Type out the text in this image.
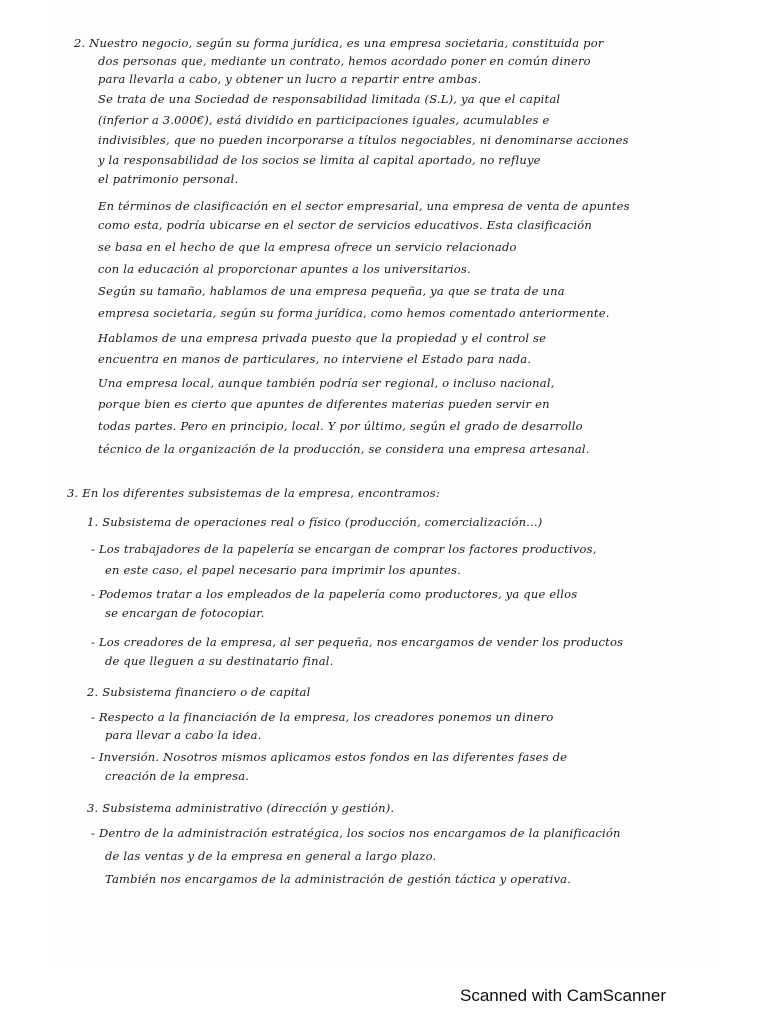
2. Nuestro negocio, según su forma jurídica, es una empresa societaria, constituida por

dos personas que, mediante un contrato, hemos acordado poner en común dinero

para llevarla a cabo, y obtener un lucro a repartir entre ambas.

Se trata de una Sociedad de responsabilidad limitada (S.L), ya que el capital

(inferior a 3.000€), está dividido en participaciones iguales, acumulables e

indivisibles, que no pueden incorporarse a títulos negociables, ni denominarse acciones

y la responsabilidad de los socios se limita al capital aportado, no refluye

el patrimonio personal.

En términos de clasificación en el sector empresarial, una empresa de venta de apuntes

como esta, podría ubicarse en el sector de servicios educativos. Esta clasificación

se basa en el hecho de que la empresa ofrece un servicio relacionado

con la educación al proporcionar apuntes a los universitarios.

Según su tamaño, hablamos de una empresa pequeña, ya que se trata de una

empresa societaria, según su forma jurídica, como hemos comentado anteriormente.

Hablamos de una empresa privada puesto que la propiedad y el control se

encuentra en manos de particulares, no interviene el Estado para nada.

Una empresa local, aunque también podría ser regional, o incluso nacional,

porque bien es cierto que apuntes de diferentes materias pueden servir en

todas partes. Pero en principio, local. Y por último, según el grado de desarrollo

técnico de la organización de la producción, se considera una empresa artesanal.

3. En los diferentes subsistemas de la empresa, encontramos:

1. Subsistema de operaciones real o físico (producción, comercialización...)

- Los trabajadores de la papelería se encargan de comprar los factores productivos,

en este caso, el papel necesario para imprimir los apuntes.

- Podemos tratar a los empleados de la papelería como productores, ya que ellos

se encargan de fotocopiar.

- Los creadores de la empresa, al ser pequeña, nos encargamos de vender los productos

de que lleguen a su destinatario final.

2. Subsistema financiero o de capital

- Respecto a la financiación de la empresa, los creadores ponemos un dinero

para llevar a cabo la idea.

- Inversión. Nosotros mismos aplicamos estos fondos en las diferentes fases de

creación de la empresa.

3. Subsistema administrativo (dirección y gestión).

- Dentro de la administración estratégica, los socios nos encargamos de la planificación

de las ventas y de la empresa en general a largo plazo.

También nos encargamos de la administración de gestión táctica y operativa.

Scanned with CamScanner
